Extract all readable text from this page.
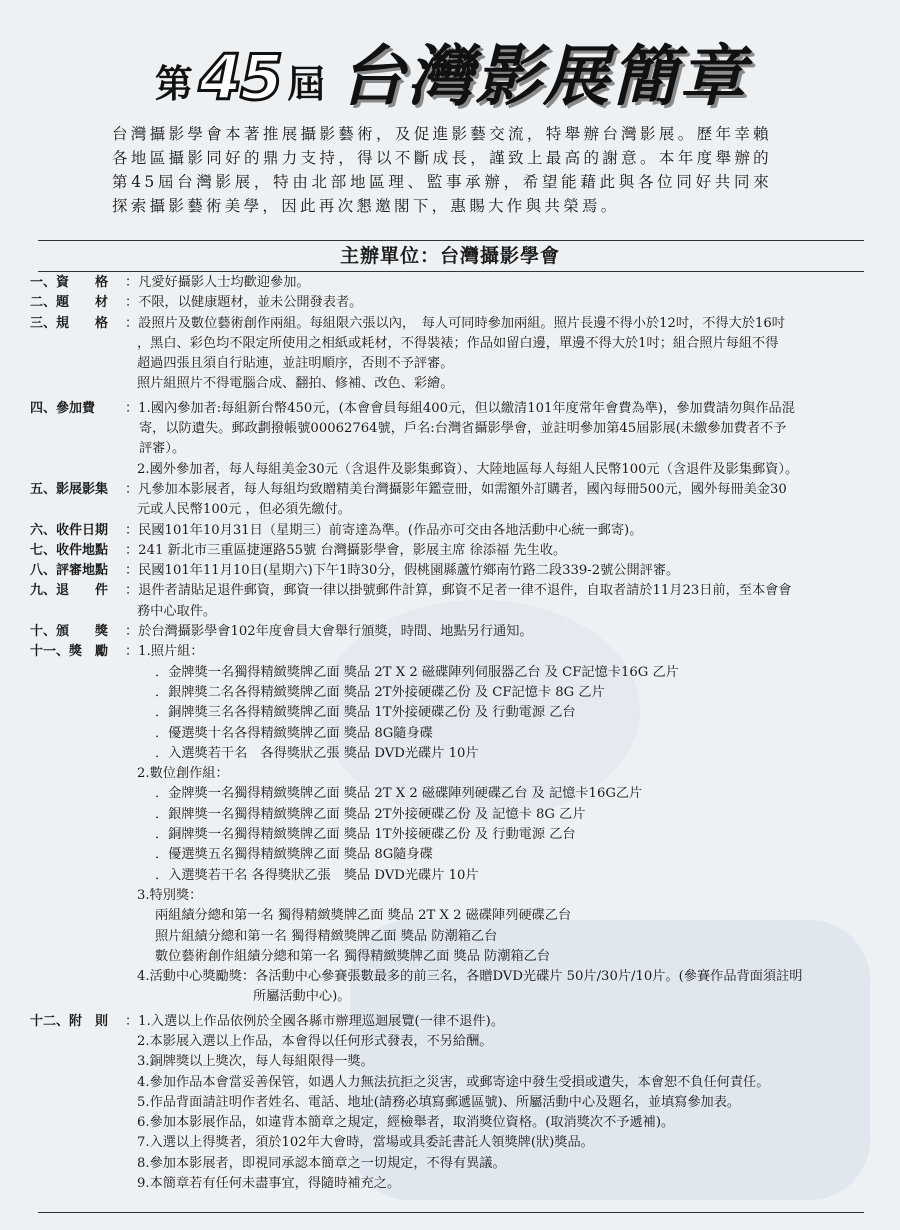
第 45 屆 台灣影展簡章
台灣攝影學會本著推展攝影藝術，及促進影藝交流，特舉辦台灣影展。歷年幸賴各地區攝影同好的鼎力支持，得以不斷成長，謹致上最高的謝意。本年度舉辦的第45屆台灣影展，特由北部地區理、監事承辦，希望能藉此與各位同好共同來探索攝影藝術美學，因此再次懇邀閣下，惠賜大作與共榮焉。
主辦單位：台灣攝影學會
一、資　　格	：凡愛好攝影人士均歡迎參加。

二、題　　材	：不限，以健康題材，並未公開發表者。

三、規　　格	：設照片及數位藝術創作兩組。每組限六張以內，　每人可同時參加兩組。照片長邊不得小於12吋，不得大於16吋

，黑白、彩色均不限定所使用之相紙或耗材，不得裝裱；作品如留白邊，單邊不得大於1吋；組合照片每組不得

超過四張且須自行貼連，並註明順序，否則不予評審。

照片組照片不得電腦合成、翻拍、修補、改色、彩繪。

四、參加費	：1.國內參加者:每組新台幣450元，(本會會員每組400元，但以繳清101年度常年會費為準)，參加費請勿與作品混

寄，以防遺失。郵政劃撥帳號00062764號，戶名:台灣省攝影學會，並註明參加第45屆影展(未繳參加費者不予

評審）。

2.國外參加者，每人每組美金30元（含退件及影集郵資）、大陸地區每人每組人民幣100元（含退件及影集郵資）。

五、影展影集	：凡參加本影展者，每人每組均致贈精美台灣攝影年鑑壹冊，如需額外訂購者，國內每冊500元，國外每冊美金30

元或人民幣100元 ，但必須先繳付。

六、收件日期	：民國101年10月31日（星期三）前寄達為準。(作品亦可交由各地活動中心統一郵寄)。

七、收件地點	：241 新北市三重區捷運路55號 台灣攝影學會，影展主席 徐添福 先生收。

八、評審地點	：民國101年11月10日(星期六)下午1時30分，假桃園縣蘆竹鄉南竹路二段339-2號公開評審。

九、退　　件	：退件者請貼足退件郵資，郵資一律以掛號郵件計算，郵資不足者一律不退件，自取者請於11月23日前，至本會會

務中心取件。

十、頒　　獎	：於台灣攝影學會102年度會員大會舉行頒獎，時間、地點另行通知。

十一、獎　勵	：1.照片組：

．金牌獎一名獨得精緻獎牌乙面 獎品 2T X 2 磁碟陣列伺服器乙台 及 CF記憶卡16G 乙片

．銀牌獎二名各得精緻獎牌乙面 獎品 2T外接硬碟乙份 及 CF記憶卡 8G 乙片

．銅牌獎三名各得精緻獎牌乙面 獎品 1T外接硬碟乙份 及 行動電源 乙台

．優選獎十名各得精緻獎牌乙面 獎品 8G隨身碟

．入選獎若干名　各得獎狀乙張 獎品 DVD光碟片 10片

2.數位創作組：

．金牌獎一名獨得精緻獎牌乙面 獎品 2T X 2 磁碟陣列硬碟乙台 及 記憶卡16G乙片

．銀牌獎一名獨得精緻獎牌乙面 獎品 2T外接硬碟乙份 及 記憶卡 8G 乙片

．銅牌獎一名獨得精緻獎牌乙面 獎品 1T外接硬碟乙份 及 行動電源 乙台

．優選獎五名獨得精緻獎牌乙面 獎品 8G隨身碟

．入選獎若干名 各得獎狀乙張　獎品 DVD光碟片 10片

3.特別獎：

兩組績分總和第一名 獨得精緻獎牌乙面 獎品 2T X 2 磁碟陣列硬碟乙台

照片組績分總和第一名 獨得精緻獎牌乙面 獎品 防潮箱乙台

數位藝術創作組績分總和第一名 獨得精緻獎牌乙面 獎品 防潮箱乙台

4.活動中心獎勵獎：各活動中心參賽張數最多的前三名，各贈DVD光碟片 50片/30片/10片。(參賽作品背面須註明

所屬活動中心)。

十二、附　則	：1.入選以上作品依例於全國各縣市辦理巡迴展覽(一律不退件)。

2.本影展入選以上作品，本會得以任何形式發表，不另給酬。

3.銅牌獎以上獎次，每人每組限得一獎。

4.參加作品本會當妥善保管，如遇人力無法抗拒之災害，或郵寄途中發生受損或遺失，本會恕不負任何責任。

5.作品背面請註明作者姓名、電話、地址(請務必填寫郵遞區號)、所屬活動中心及題名，並填寫參加表。

6.參加本影展作品，如違背本簡章之規定，經檢舉者，取消獎位資格。(取消獎次不予遞補)。

7.入選以上得獎者，須於102年大會時，當場或具委託書託人領獎牌(狀)獎品。

8.參加本影展者，即視同承認本簡章之一切規定，不得有異議。

9.本簡章若有任何未盡事宜，得隨時補充之。
